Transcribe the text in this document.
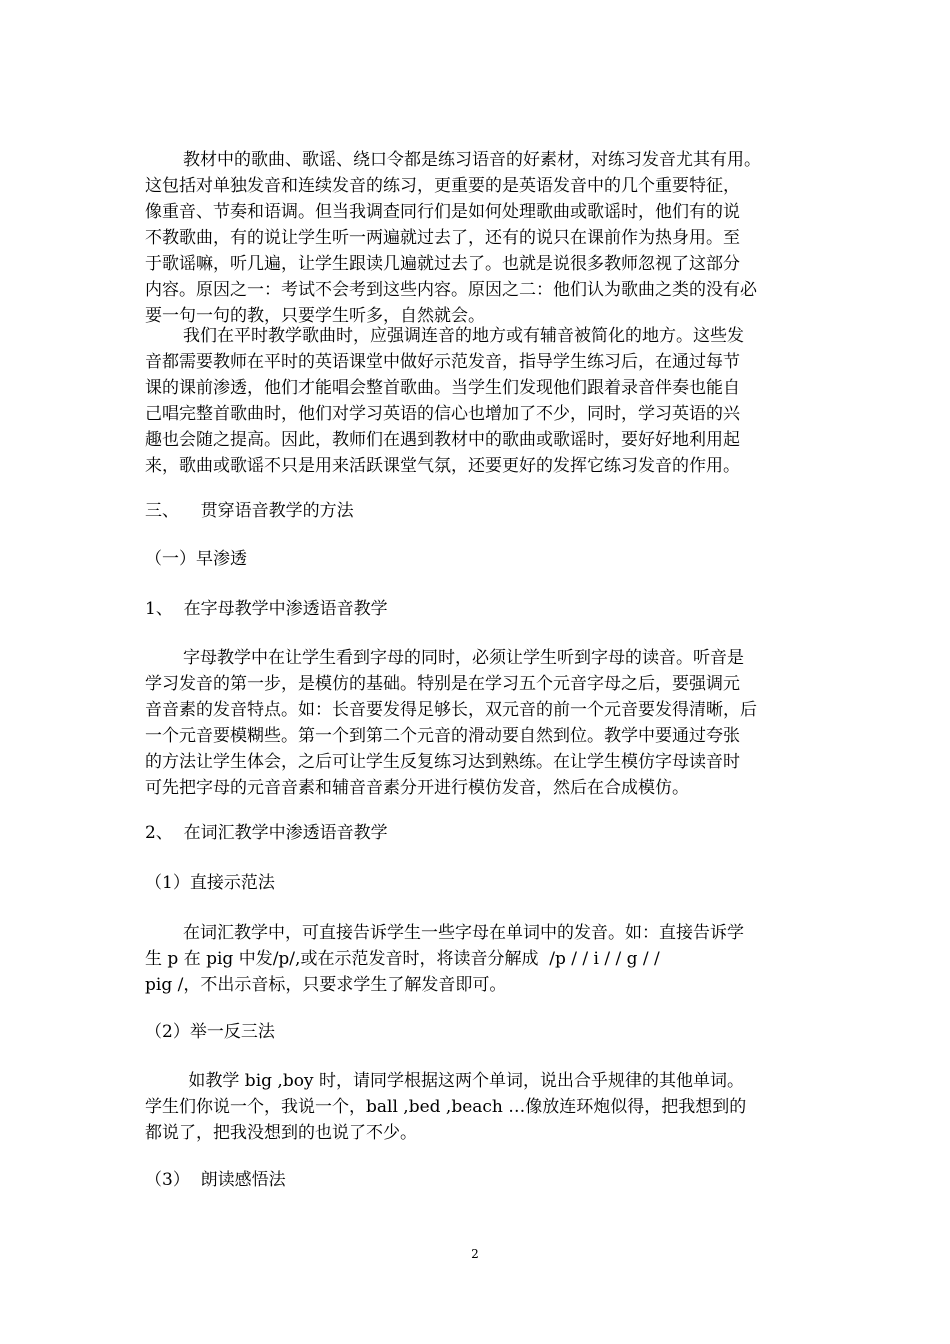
教材中的歌曲、歌谣、绕口令都是练习语音的好素材，对练习发音尤其有用。
这包括对单独发音和连续发音的练习，更重要的是英语发音中的几个重要特征，
像重音、节奏和语调。但当我调查同行们是如何处理歌曲或歌谣时，他们有的说
不教歌曲，有的说让学生听一两遍就过去了，还有的说只在课前作为热身用。至
于歌谣嘛，听几遍，让学生跟读几遍就过去了。也就是说很多教师忽视了这部分
内容。原因之一：考试不会考到这些内容。原因之二：他们认为歌曲之类的没有必
要一句一句的教，只要学生听多，自然就会。
我们在平时教学歌曲时，应强调连音的地方或有辅音被简化的地方。这些发
音都需要教师在平时的英语课堂中做好示范发音，指导学生练习后，在通过每节
课的课前渗透，他们才能唱会整首歌曲。当学生们发现他们跟着录音伴奏也能自
己唱完整首歌曲时，他们对学习英语的信心也增加了不少，同时，学习英语的兴
趣也会随之提高。因此，教师们在遇到教材中的歌曲或歌谣时，要好好地利用起
来，歌曲或歌谣不只是用来活跃课堂气氛，还要更好的发挥它练习发音的作用。

三、    贯穿语音教学的方法

（一）早渗透

1、  在字母教学中渗透语音教学

字母教学中在让学生看到字母的同时，必须让学生听到字母的读音。听音是
学习发音的第一步，是模仿的基础。特别是在学习五个元音字母之后，要强调元
音音素的发音特点。如：长音要发得足够长，双元音的前一个元音要发得清晰，后
一个元音要模糊些。第一个到第二个元音的滑动要自然到位。教学中要通过夸张
的方法让学生体会，之后可让学生反复练习达到熟练。在让学生模仿字母读音时
可先把字母的元音音素和辅音音素分开进行模仿发音，然后在合成模仿。

2、  在词汇教学中渗透语音教学

（1）直接示范法

在词汇教学中，可直接告诉学生一些字母在单词中的发音。如：直接告诉学
生 p 在 pig 中发/p/,或在示范发音时，将读音分解成  /p / / i / / g / /
pig /，不出示音标，只要求学生了解发音即可。

（2）举一反三法

如教学 big ,boy 时，请同学根据这两个单词，说出合乎规律的其他单词。
学生们你说一个，我说一个，ball ,bed ,beach …像放连环炮似得，把我想到的
都说了，把我没想到的也说了不少。

（3）  朗读感悟法

2
